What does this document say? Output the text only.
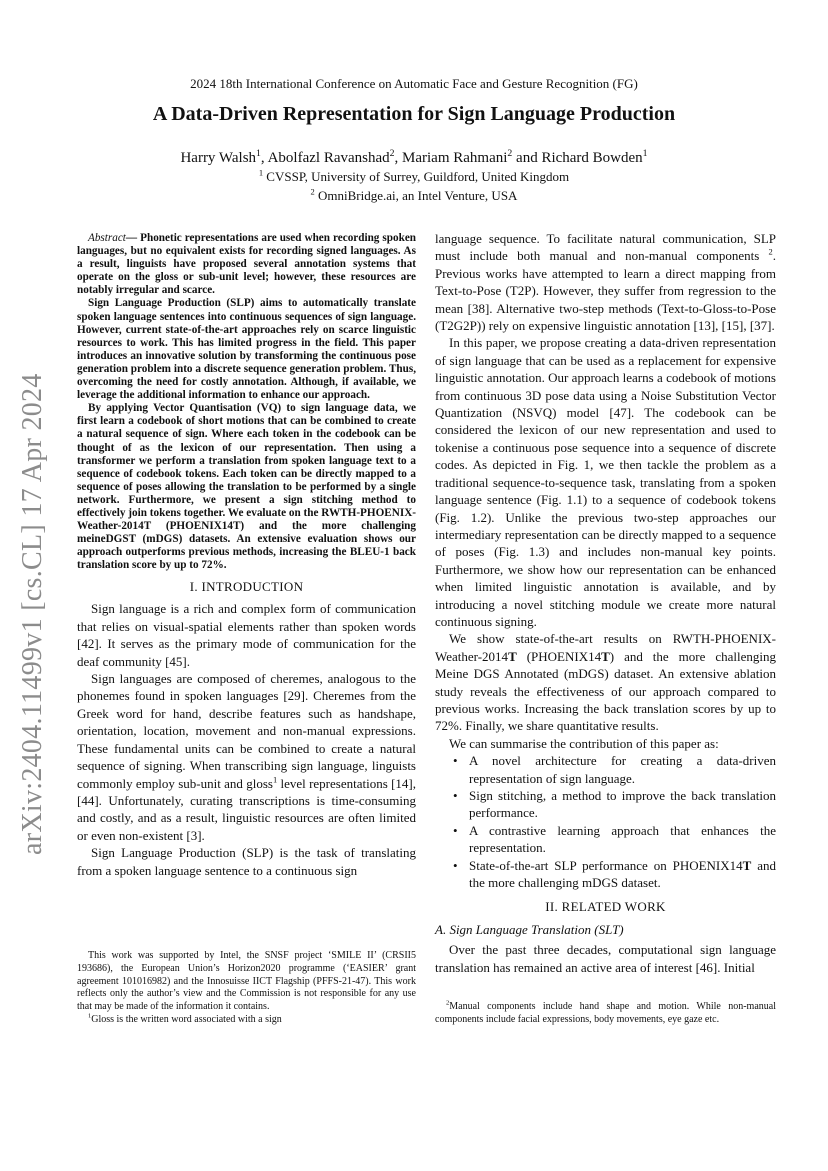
2024 18th International Conference on Automatic Face and Gesture Recognition (FG)
A Data-Driven Representation for Sign Language Production
Harry Walsh$^1$, Abolfazl Ravanshad$^2$, Mariam Rahmani$^2$ and Richard Bowden$^1$
$^1$ CVSSP, University of Surrey, Guildford, United Kingdom
$^2$ OmniBridge.ai, an Intel Venture, USA
arXiv:2404.11499v1 [cs.CL] 17 Apr 2024

Abstract— Phonetic representations are used when recording spoken languages, but no equivalent exists for recording signed languages. As a result, linguists have proposed several annotation systems that operate on the gloss or sub-unit level; however, these resources are notably irregular and scarce.

Sign Language Production (SLP) aims to automatically translate spoken language sentences into continuous sequences of sign language. However, current state-of-the-art approaches rely on scarce linguistic resources to work. This has limited progress in the field. This paper introduces an innovative solution by transforming the continuous pose generation problem into a discrete sequence generation problem. Thus, overcoming the need for costly annotation. Although, if available, we leverage the additional information to enhance our approach.

By applying Vector Quantisation (VQ) to sign language data, we first learn a codebook of short motions that can be combined to create a natural sequence of sign. Where each token in the codebook can be thought of as the lexicon of our representation. Then using a transformer we perform a translation from spoken language text to a sequence of codebook tokens. Each token can be directly mapped to a sequence of poses allowing the translation to be performed by a single network. Furthermore, we present a sign stitching method to effectively join tokens together. We evaluate on the RWTH-PHOENIX-Weather-2014T (PHOENIX14T) and the more challenging meineDGST (mDGS) datasets. An extensive evaluation shows our approach outperforms previous methods, increasing the BLEU-1 back translation score by up to 72%.

I. INTRODUCTION

Sign language is a rich and complex form of communication that relies on visual-spatial elements rather than spoken words [42]. It serves as the primary mode of communication for the deaf community [45].

Sign languages are composed of cheremes, analogous to the phonemes found in spoken languages [29]. Cheremes from the Greek word for hand, describe features such as handshape, orientation, location, movement and non-manual expressions. These fundamental units can be combined to create a natural sequence of signing. When transcribing sign language, linguists commonly employ sub-unit and gloss$^1$ level representations [14], [44]. Unfortunately, curating transcriptions is time-consuming and costly, and as a result, linguistic resources are often limited or even non-existent [3].

Sign Language Production (SLP) is the task of translating from a spoken language sentence to a continuous sign

language sequence. To facilitate natural communication, SLP must include both manual and non-manual components $^2$. Previous works have attempted to learn a direct mapping from Text-to-Pose (T2P). However, they suffer from regression to the mean [38]. Alternative two-step methods (Text-to-Gloss-to-Pose (T2G2P)) rely on expensive linguistic annotation [13], [15], [37].

In this paper, we propose creating a data-driven representation of sign language that can be used as a replacement for expensive linguistic annotation. Our approach learns a codebook of motions from continuous 3D pose data using a Noise Substitution Vector Quantization (NSVQ) model [47]. The codebook can be considered the lexicon of our new representation and used to tokenise a continuous pose sequence into a sequence of discrete codes. As depicted in Fig. 1, we then tackle the problem as a traditional sequence-to-sequence task, translating from a spoken language sentence (Fig. 1.1) to a sequence of codebook tokens (Fig. 1.2). Unlike the previous two-step approaches our intermediary representation can be directly mapped to a sequence of poses (Fig. 1.3) and includes non-manual key points. Furthermore, we show how our representation can be enhanced when limited linguistic annotation is available, and by introducing a novel stitching module we create more natural continuous signing.

We show state-of-the-art results on RWTH-PHOENIX-Weather-2014T (PHOENIX14T) and the more challenging Meine DGS Annotated (mDGS) dataset. An extensive ablation study reveals the effectiveness of our approach compared to previous works. Increasing the back translation scores by up to 72%. Finally, we share quantitative results.

We can summarise the contribution of this paper as:

• A novel architecture for creating a data-driven representation of sign language.
• Sign stitching, a method to improve the back translation performance.
• A contrastive learning approach that enhances the representation.
• State-of-the-art SLP performance on PHOENIX14T and the more challenging mDGS dataset.
II. RELATED WORK
A. Sign Language Translation (SLT)

Over the past three decades, computational sign language translation has remained an active area of interest [46]. Initial

This work was supported by Intel, the SNSF project ‘SMILE II’ (CRSII5 193686), the European Union’s Horizon2020 programme (‘EASIER’ grant agreement 101016982) and the Innosuisse IICT Flagship (PFFS-21-47). This work reflects only the author’s view and the Commission is not responsible for any use that may be made of the information it contains.

$^1$Gloss is the written word associated with a sign

$^2$Manual components include hand shape and motion. While non-manual components include facial expressions, body movements, eye gaze etc.
